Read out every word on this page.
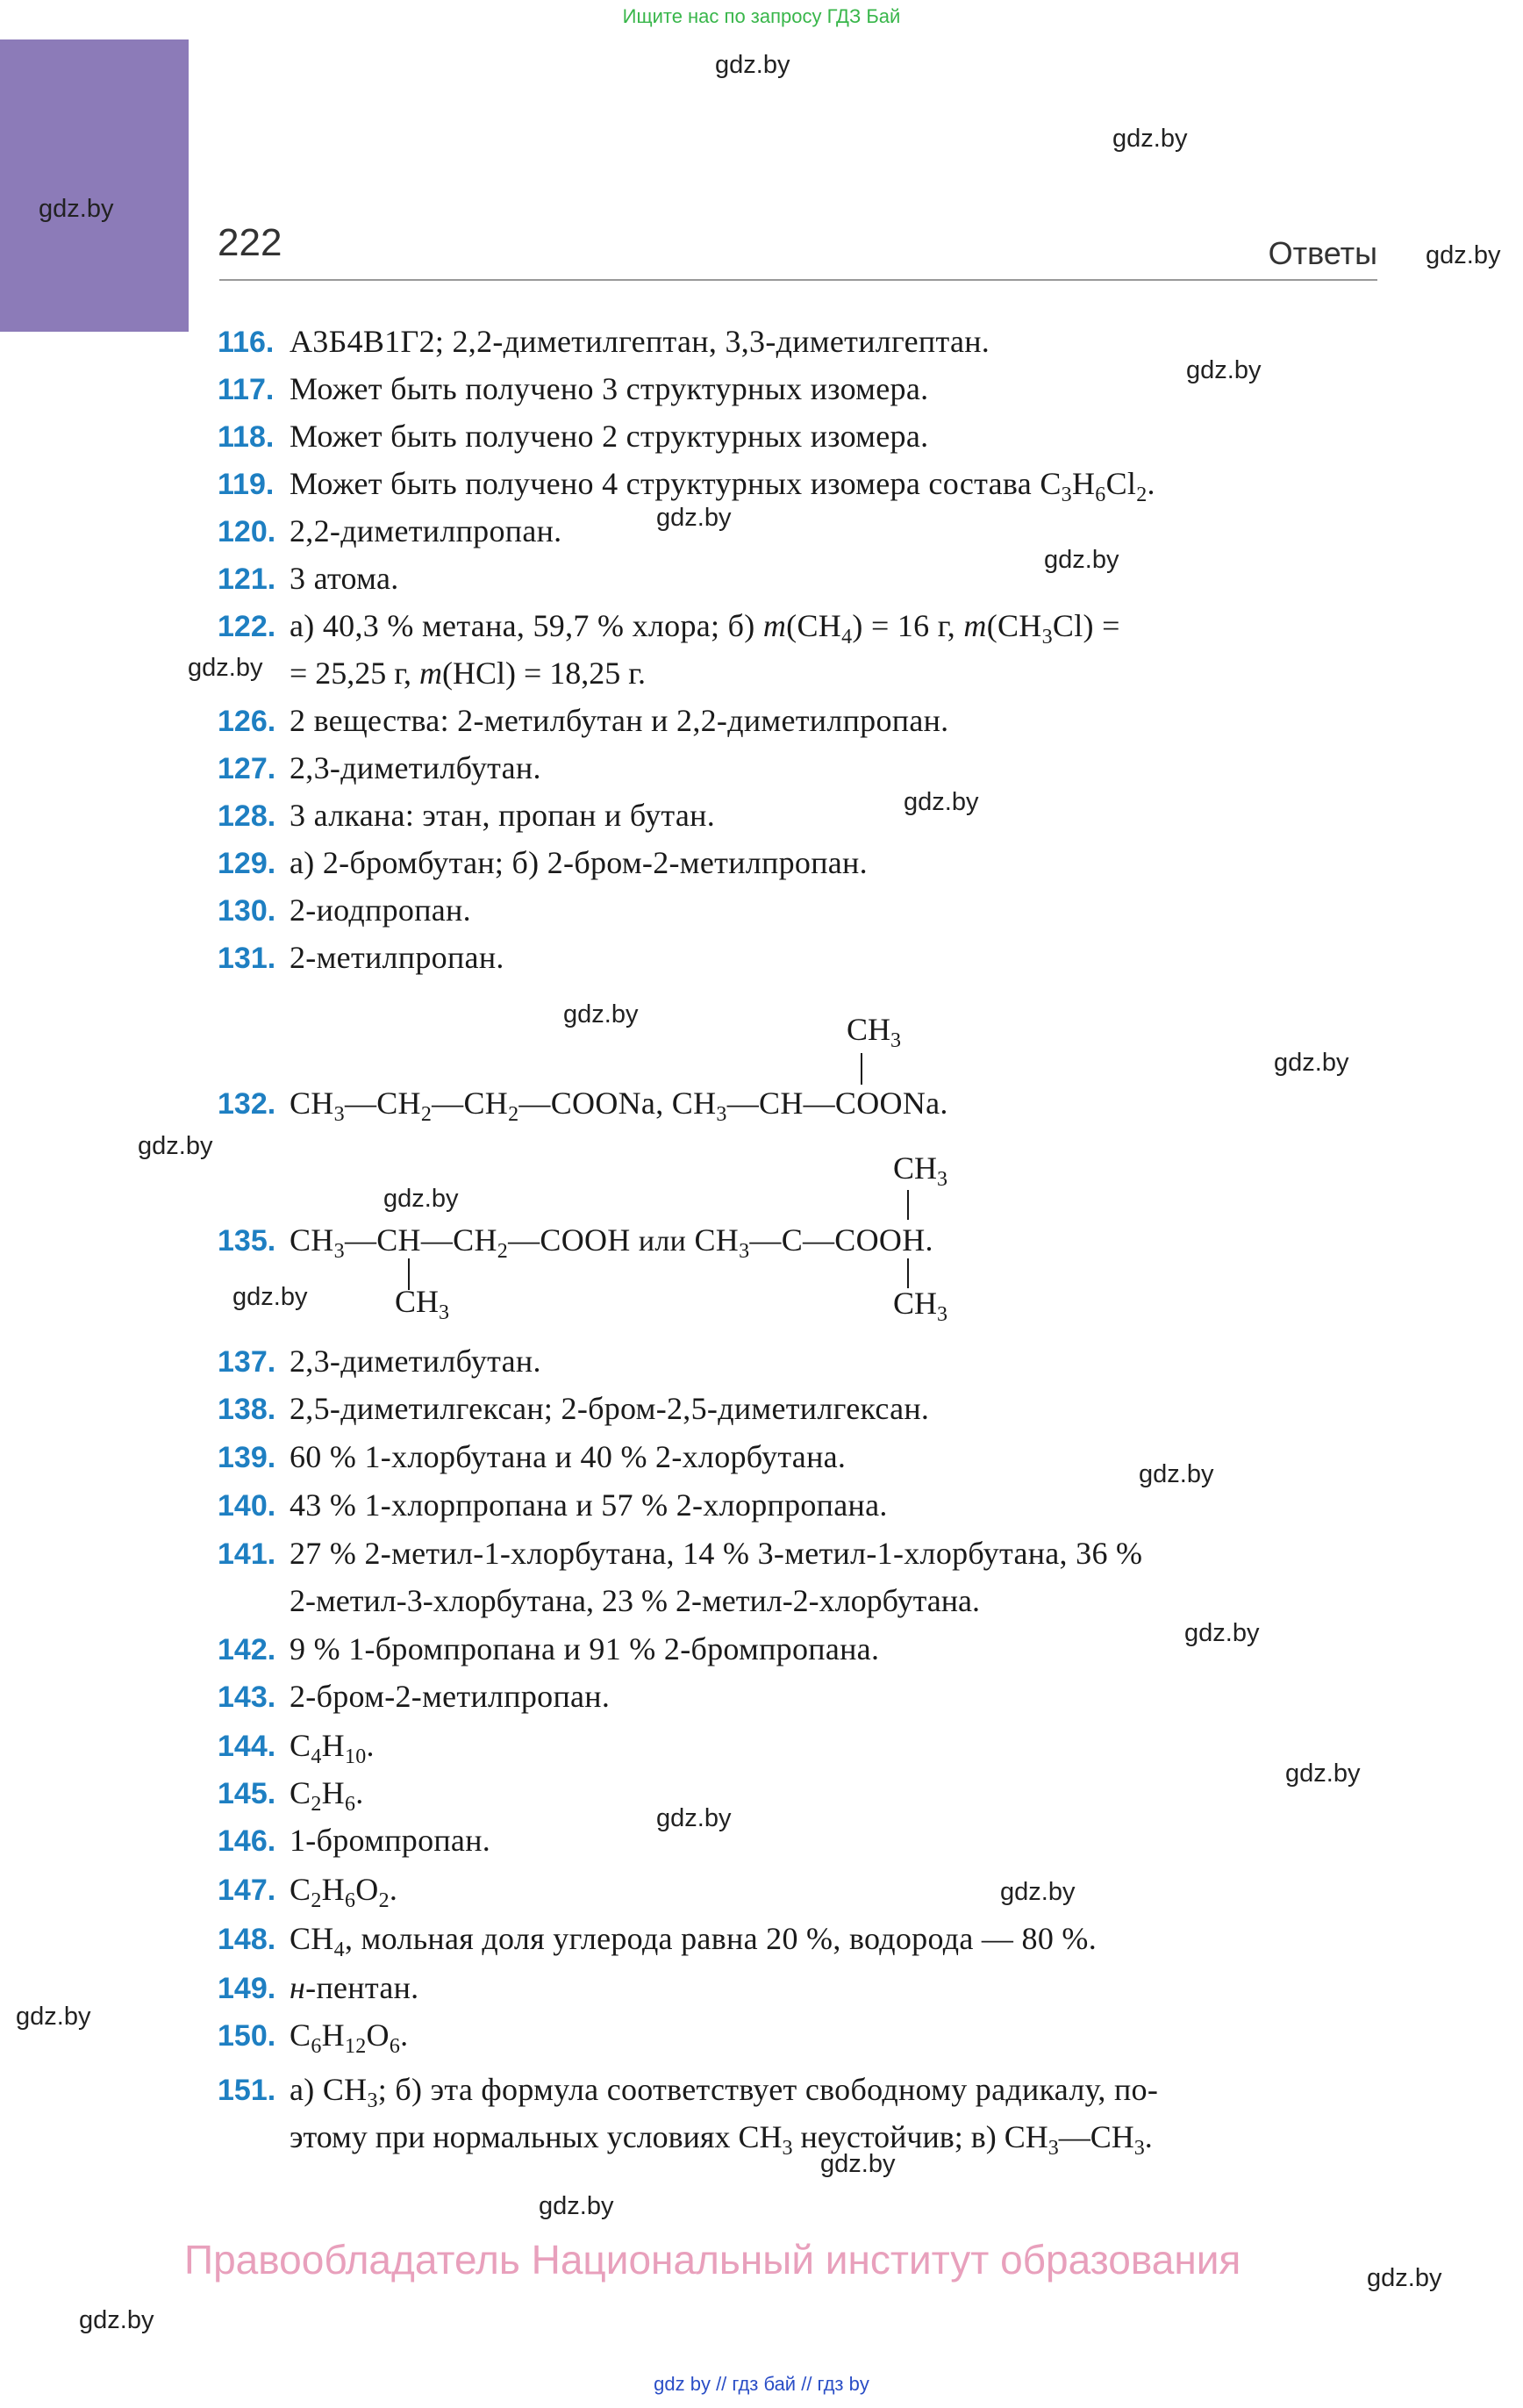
Ищите нас по запросу ГДЗ Бай
gdz.by
gdz.by
gdz.by
gdz.by
gdz.by
gdz.by
gdz.by
gdz.by
gdz.by
gdz.by
gdz.by
gdz.by
gdz.by
gdz.by
gdz.by
gdz.by
gdz.by
gdz.by
gdz.by
gdz.by
gdz.by
gdz.by
gdz.by
gdz.by
222	Ответы
116. А3Б4В1Г2; 2,2-диметилгептан, 3,3-диметилгептан.
117. Может быть получено 3 структурных изомера.
118. Может быть получено 2 структурных изомера.
119. Может быть получено 4 структурных изомера состава $C_3H_6Cl_2$.
120. 2,2-диметилпропан.
121. 3 атома.
122. а) 40,3 % метана, 59,7 % хлора; б) $m(CH_4) = 16$ г, $m(CH_3Cl)$ =
= 25,25 г, m(HCl) = 18,25 г.
126. 2 вещества: 2-метилбутан и 2,2-диметилпропан.
127. 2,3-диметилбутан.
128. 3 алкана: этан, пропан и бутан.
129. а) 2-бромбутан; б) 2-бром-2-метилпропан.
130. 2-иодпропан.
131. 2-метилпропан.
132. $CH_3—CH_2—CH_2—COONa$, $CH_3—CH—COONa$.
$CH_3$
135. $CH_3—CH—CH_2—COOH$ или $CH_3—C—COOH$.
$CH_3$
$CH_3$
$CH_3$
137. 2,3-диметилбутан.
138. 2,5-диметилгексан; 2-бром-2,5-диметилгексан.
139. 60 % 1-хлорбутана и 40 % 2-хлорбутана.
140. 43 % 1-хлорпропана и 57 % 2-хлорпропана.
141. 27 % 2-метил-1-хлорбутана, 14 % 3-метил-1-хлорбутана, 36 %
2-метил-3-хлорбутана, 23 % 2-метил-2-хлорбутана.
142. 9 % 1-бромпропана и 91 % 2-бромпропана.
143. 2-бром-2-метилпропан.
144. $C_4H_{10}$.
145. $C_2H_6$.
146. 1-бромпропан.
147. $C_2H_6O_2$.
148. $CH_4$, мольная доля углерода равна 20 %, водорода — 80 %.
149. н-пентан.
150. $C_6H_{12}O_6$.
151. а) $CH_3$; б) эта формула соответствует свободному радикалу, по-
этому при нормальных условиях $CH_3$ неустойчив; в) $CH_3—CH_3$.
Правообладатель Национальный институт образования
gdz by // гдз бай // гдз by
